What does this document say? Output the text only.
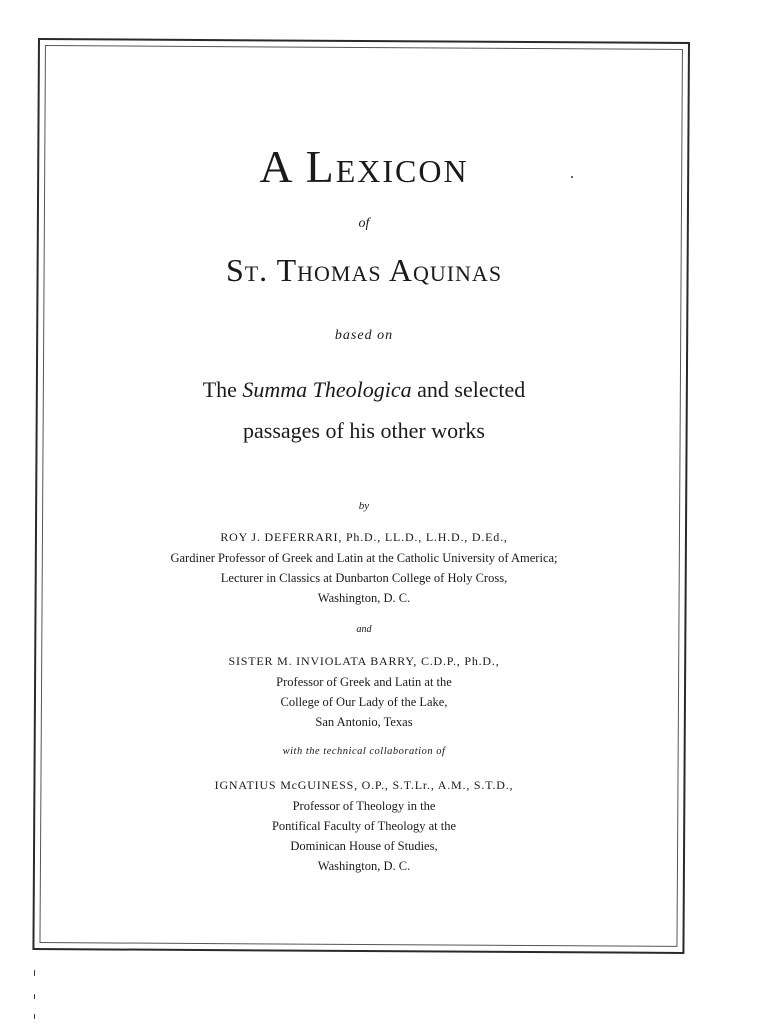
A Lexicon
of
St. Thomas Aquinas
based on
The Summa Theologica and selected
passages of his other works
by
ROY J. DEFERRARI, Ph.D., LL.D., L.H.D., D.Ed.,
Gardiner Professor of Greek and Latin at the Catholic University of America;
Lecturer in Classics at Dunbarton College of Holy Cross,
Washington, D. C.
and
SISTER M. INVIOLATA BARRY, C.D.P., Ph.D.,
Professor of Greek and Latin at the
College of Our Lady of the Lake,
San Antonio, Texas
with the technical collaboration of
IGNATIUS McGUINESS, O.P., S.T.Lr., A.M., S.T.D.,
Professor of Theology in the
Pontifical Faculty of Theology at the
Dominican House of Studies,
Washington, D. C.
